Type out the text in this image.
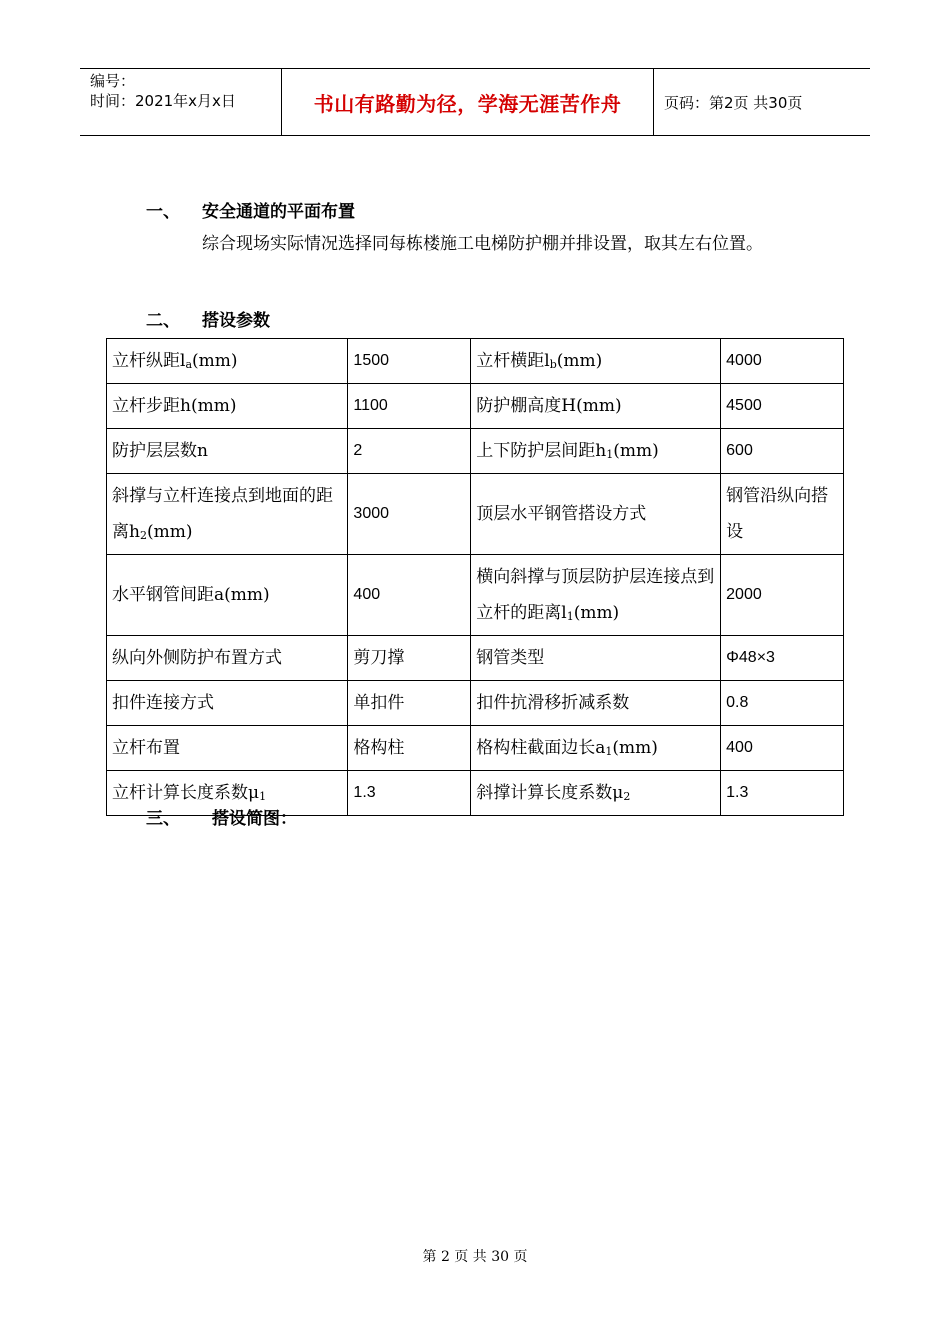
编号：
时间：2021年x月x日	书山有路勤为径，学海无涯苦作舟	页码：第2页 共30页
一、 安全通道的平面布置
综合现场实际情况选择同每栋楼施工电梯防护棚并排设置，取其左右位置。
二、 搭设参数
立杆纵距$l_a(mm)$	1500	立杆横距$l_b(mm)$	4000
立杆步距h(mm)	1100	防护棚高度H(mm)	4500
防护层层数n	2	上下防护层间距$h_1(mm)$	600
斜撑与立杆连接点到地面的距离$h_2(mm)$	3000	顶层水平钢管搭设方式	钢管沿纵向搭设
水平钢管间距a(mm)	400	横向斜撑与顶层防护层连接点到立杆的距离$l_1(mm)$	2000
纵向外侧防护布置方式	剪刀撑	钢管类型	Φ48×3
扣件连接方式	单扣件	扣件抗滑移折减系数	0.8
立杆布置	格构柱	格构柱截面边长$a_1(mm)$	400
立杆计算长度系数$\mu_1$	1.3	斜撑计算长度系数$\mu_2$	1.3
三、 搭设简图：
第 2 页 共 30 页
